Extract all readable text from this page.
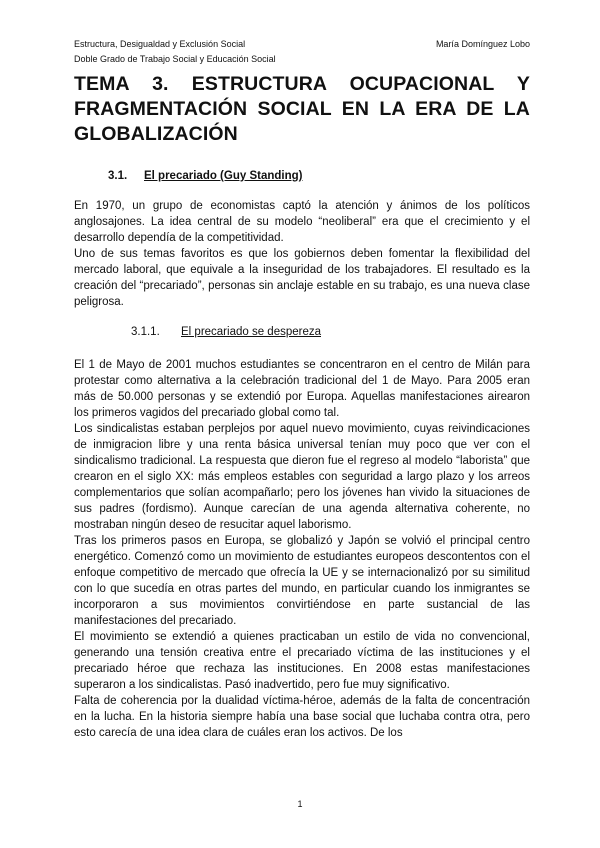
Estructura, Desigualdad y Exclusión Social	María Domínguez Lobo
Doble Grado de Trabajo Social y Educación Social
TEMA 3. ESTRUCTURA OCUPACIONAL Y FRAGMENTACIÓN SOCIAL EN LA ERA DE LA GLOBALIZACIÓN
3.1. El precariado (Guy Standing)

En 1970, un grupo de economistas captó la atención y ánimos de los políticos anglosajones. La idea central de su modelo “neoliberal” era que el crecimiento y el desarrollo dependía de la competitividad.

Uno de sus temas favoritos es que los gobiernos deben fomentar la flexibilidad del mercado laboral, que equivale a la inseguridad de los trabajadores. El resultado es la creación del “precariado”, personas sin anclaje estable en su trabajo, es una nueva clase peligrosa.

3.1.1. El precariado se despereza

El 1 de Mayo de 2001 muchos estudiantes se concentraron en el centro de Milán para protestar como alternativa a la celebración tradicional del 1 de Mayo. Para 2005 eran más de 50.000 personas y se extendió por Europa. Aquellas manifestaciones airearon los primeros vagidos del precariado global como tal.

Los sindicalistas estaban perplejos por aquel nuevo movimiento, cuyas reivindicaciones de inmigracion libre y una renta básica universal tenían muy poco que ver con el sindicalismo tradicional. La respuesta que dieron fue el regreso al modelo “laborista” que crearon en el siglo XX: más empleos estables con seguridad a largo plazo y los arreos complementarios que solían acompañarlo; pero los jóvenes han vivido la situaciones de sus padres (fordismo). Aunque carecían de una agenda alternativa coherente, no mostraban ningún deseo de resucitar aquel laborismo.

Tras los primeros pasos en Europa, se globalizó y Japón se volvió el principal centro energético. Comenzó como un movimiento de estudiantes europeos descontentos con el enfoque competitivo de mercado que ofrecía la UE y se internacionalizó por su similitud con lo que sucedía en otras partes del mundo, en particular cuando los inmigrantes se incorporaron a sus movimientos convirtiéndose en parte sustancial de las manifestaciones del precariado.

El movimiento se extendió a quienes practicaban un estilo de vida no convencional, generando una tensión creativa entre el precariado víctima de las instituciones y el precariado héroe que rechaza las instituciones. En 2008 estas manifestaciones superaron a los sindicalistas. Pasó inadvertido, pero fue muy significativo.

Falta de coherencia por la dualidad víctima-héroe, además de la falta de concentración en la lucha. En la historia siempre había una base social que luchaba contra otra, pero esto carecía de una idea clara de cuáles eran los activos. De los

1
